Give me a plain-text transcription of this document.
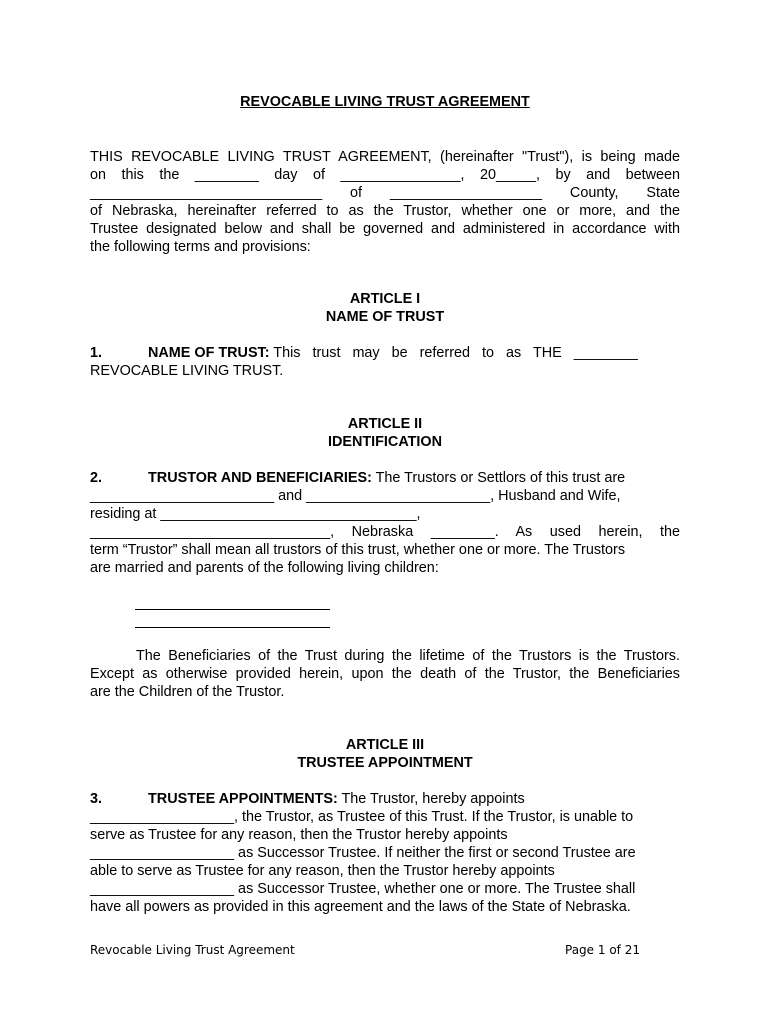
REVOCABLE LIVING TRUST AGREEMENT
THIS REVOCABLE LIVING TRUST AGREEMENT, (hereinafter "Trust"), is being made
on this the ________ day of _______________, 20_____, by and between
_____________________________ of ___________________ County, State
of Nebraska, hereinafter referred to as the Trustor, whether one or more, and the
Trustee designated below and shall be governed and administered in accordance with
the following terms and provisions:

ARTICLE I

NAME OF TRUST

1.	NAME OF TRUST: This   trust   may   be   referred   to   as   THE   ________
REVOCABLE LIVING TRUST.

ARTICLE II

IDENTIFICATION

2.	TRUSTOR AND BENEFICIARIES: The Trustors or Settlors of this trust are
_______________________ and _______________________, Husband and Wife,
residing at ________________________________,
______________________________, Nebraska ________. As used herein, the
term “Trustor” shall mean all trustors of this trust, whether one or more. The Trustors
are married and parents of the following living children:
The Beneficiaries of the Trust during the lifetime of the Trustors is the Trustors.
Except as otherwise provided herein, upon the death of the Trustor, the Beneficiaries
are the Children of the Trustor.

ARTICLE III

TRUSTEE APPOINTMENT

3.	TRUSTEE APPOINTMENTS: The Trustor, hereby appoints
__________________, the Trustor, as Trustee of this Trust. If the Trustor, is unable to
serve as Trustee for any reason, then the Trustor hereby appoints
__________________ as Successor Trustee. If neither the first or second Trustee are
able to serve as Trustee for any reason, then the Trustor hereby appoints
__________________ as Successor Trustee, whether one or more. The Trustee shall
have all powers as provided in this agreement and the laws of the State of Nebraska.
Revocable Living Trust Agreement	Page 1 of 21
